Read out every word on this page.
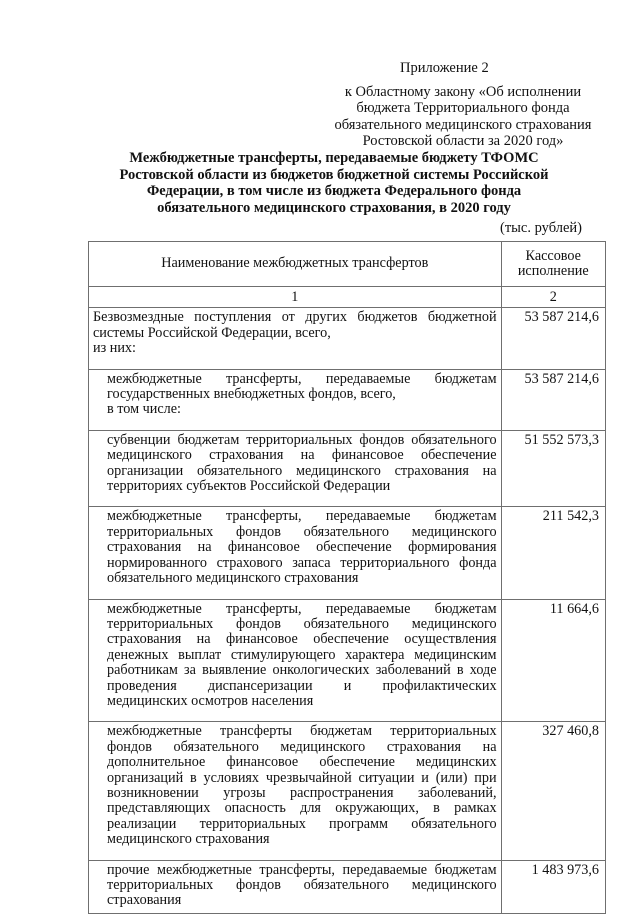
Приложение 2
к Областному закону «Об исполнении
бюджета Территориального фонда
обязательного медицинского страхования
Ростовской области за 2020 год»
Межбюджетные трансферты, передаваемые бюджету ТФОМС
Ростовской области из бюджетов бюджетной системы Российской
Федерации, в том числе из бюджета Федерального фонда
обязательного медицинского страхования, в 2020 году
(тыс. рублей)
Наименование межбюджетных трансфертов	Кассовое исполнение
1	2
Безвозмездные поступления от других бюджетов бюджетной системы Российской Федерации, всего,
из них:	53 587 214,6
межбюджетные трансферты, передаваемые бюджетам государственных внебюджетных фондов, всего,
в том числе:	53 587 214,6
субвенции бюджетам территориальных фондов обязательного медицинского страхования на финансовое обеспечение организации обязательного медицинского страхования на территориях субъектов Российской Федерации	51 552 573,3
межбюджетные трансферты, передаваемые бюджетам территориальных фондов обязательного медицинского страхования на финансовое обеспечение формирования нормированного страхового запаса территориального фонда обязательного медицинского страхования	211 542,3
межбюджетные трансферты, передаваемые бюджетам территориальных фондов обязательного медицинского страхования на финансовое обеспечение осуществления денежных выплат стимулирующего характера медицинским работникам за выявление онкологических заболеваний в ходе проведения диспансеризации и профилактических медицинских осмотров населения	11 664,6
межбюджетные трансферты бюджетам территориальных фондов обязательного медицинского страхования на дополнительное финансовое обеспечение медицинских организаций в условиях чрезвычайной ситуации и (или) при возникновении угрозы распространения заболеваний, представляющих опасность для окружающих, в рамках реализации территориальных программ обязательного медицинского страхования	327 460,8
прочие межбюджетные трансферты, передаваемые бюджетам территориальных фондов обязательного медицинского страхования	1 483 973,6
